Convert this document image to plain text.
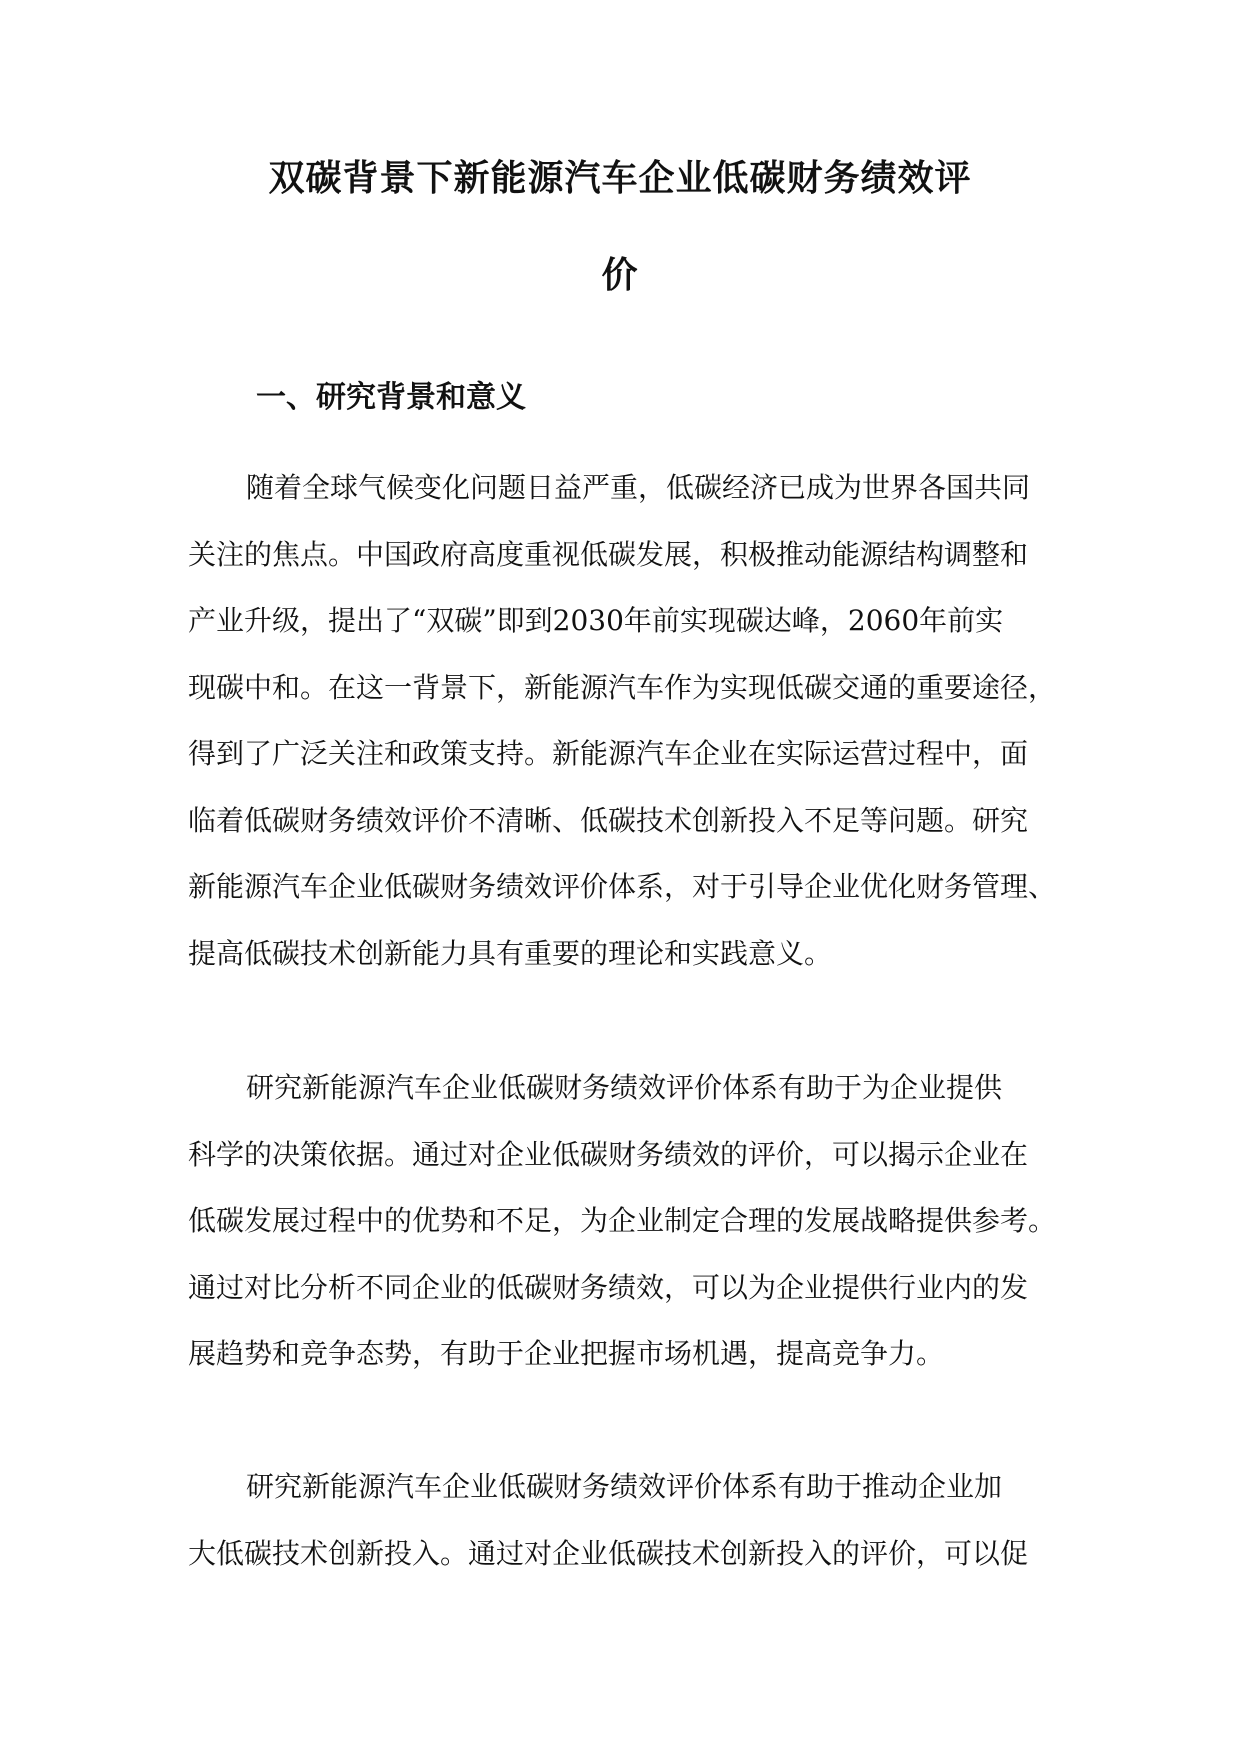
双碳背景下新能源汽车企业低碳财务绩效评
价
一、研究背景和意义

随着全球气候变化问题日益严重，低碳经济已成为世界各国共同
关注的焦点。中国政府高度重视低碳发展，积极推动能源结构调整和
产业升级，提出了“双碳”即到2030年前实现碳达峰，2060年前实
现碳中和。在这一背景下，新能源汽车作为实现低碳交通的重要途径，
得到了广泛关注和政策支持。新能源汽车企业在实际运营过程中，面
临着低碳财务绩效评价不清晰、低碳技术创新投入不足等问题。研究
新能源汽车企业低碳财务绩效评价体系，对于引导企业优化财务管理、
提高低碳技术创新能力具有重要的理论和实践意义。

研究新能源汽车企业低碳财务绩效评价体系有助于为企业提供
科学的决策依据。通过对企业低碳财务绩效的评价，可以揭示企业在
低碳发展过程中的优势和不足，为企业制定合理的发展战略提供参考。
通过对比分析不同企业的低碳财务绩效，可以为企业提供行业内的发
展趋势和竞争态势，有助于企业把握市场机遇，提高竞争力。

研究新能源汽车企业低碳财务绩效评价体系有助于推动企业加
大低碳技术创新投入。通过对企业低碳技术创新投入的评价，可以促
